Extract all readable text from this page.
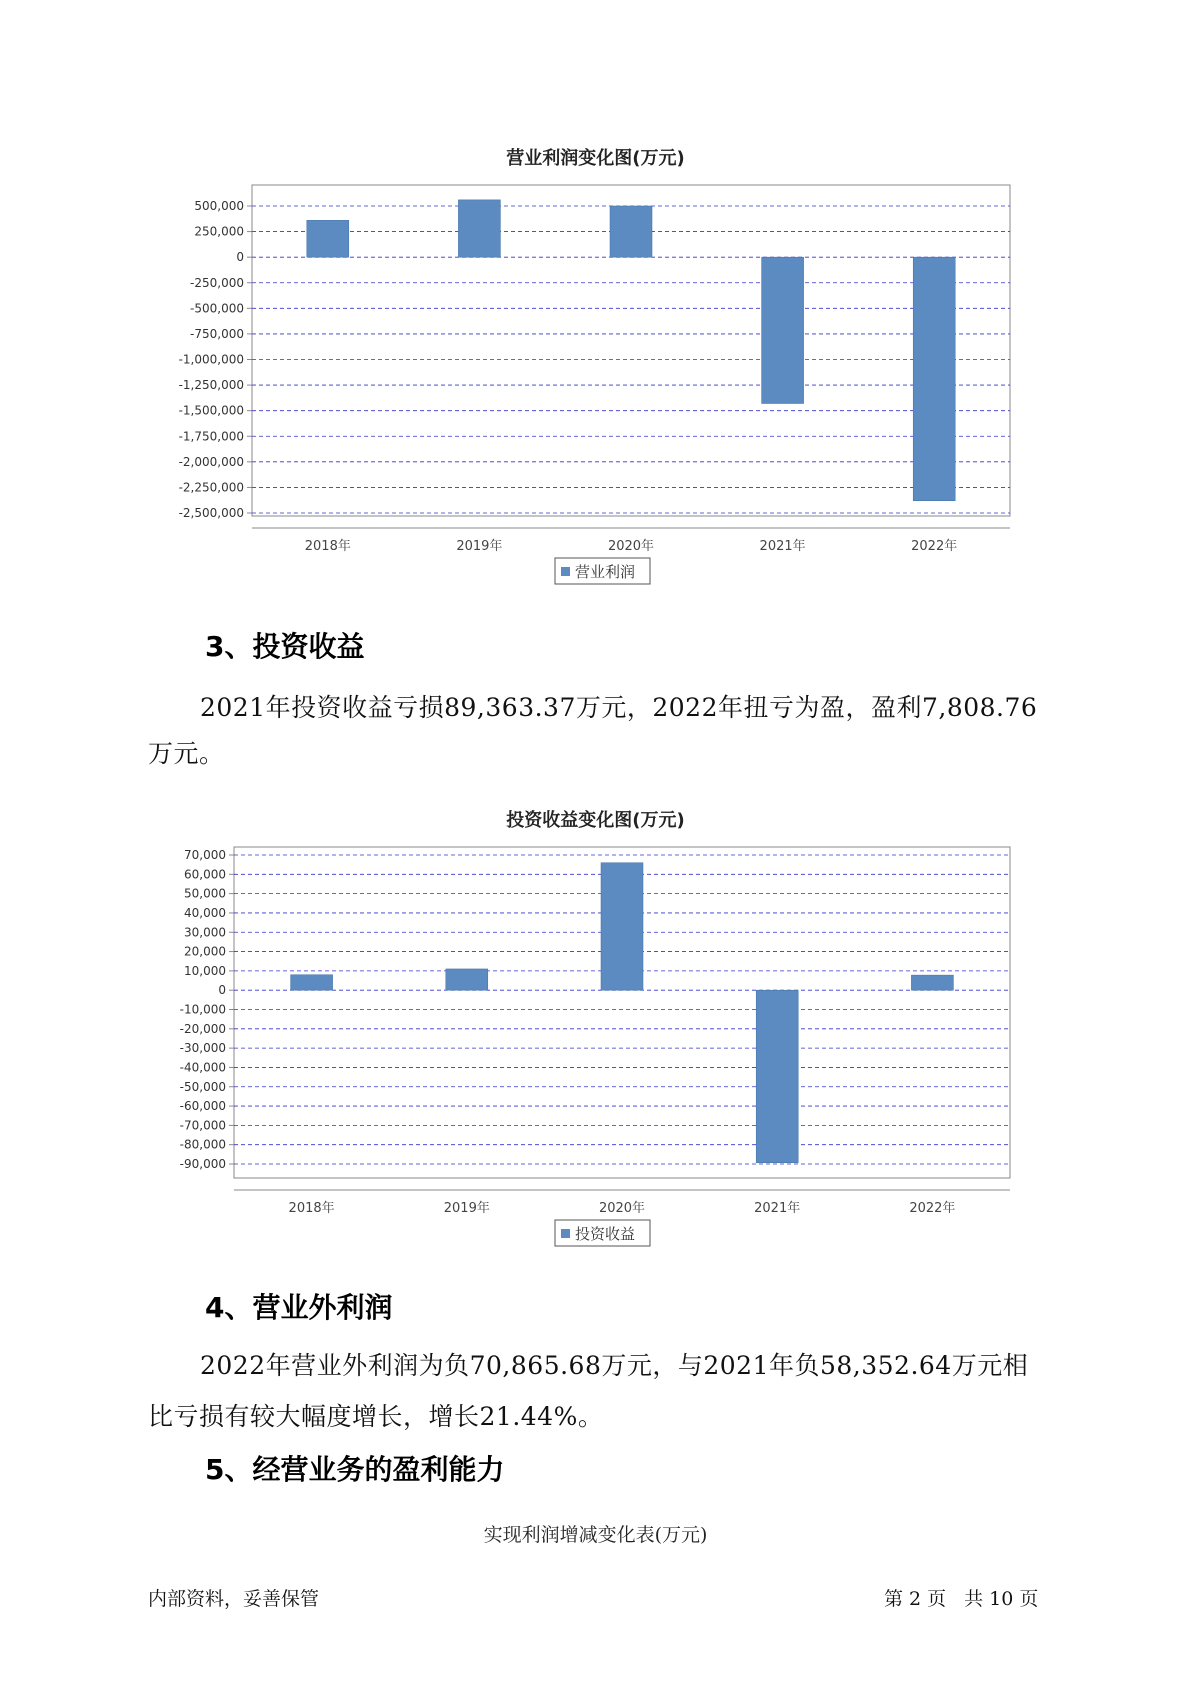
营业利润变化图(万元)
500,000
250,000
0
-250,000
-500,000
-750,000
-1,000,000
-1,250,000
-1,500,000
-1,750,000
-2,000,000
-2,250,000
-2,500,000
2018年	2019年	2020年	2021年	2022年
营业利润
3、投资收益
2021年投资收益亏损89,363.37万元，2022年扭亏为盈，盈利7,808.76
万元。
投资收益变化图(万元)
70,000
60,000
50,000
40,000
30,000
20,000
10,000
0
-10,000
-20,000
-30,000
-40,000
-50,000
-60,000
-70,000
-80,000
-90,000
2018年	2019年	2020年	2021年	2022年
投资收益
4、营业外利润
2022年营业外利润为负70,865.68万元，与2021年负58,352.64万元相
比亏损有较大幅度增长，增长21.44%。
5、经营业务的盈利能力
实现利润增减变化表(万元)
内部资料，妥善保管	第 2 页 共 10 页
